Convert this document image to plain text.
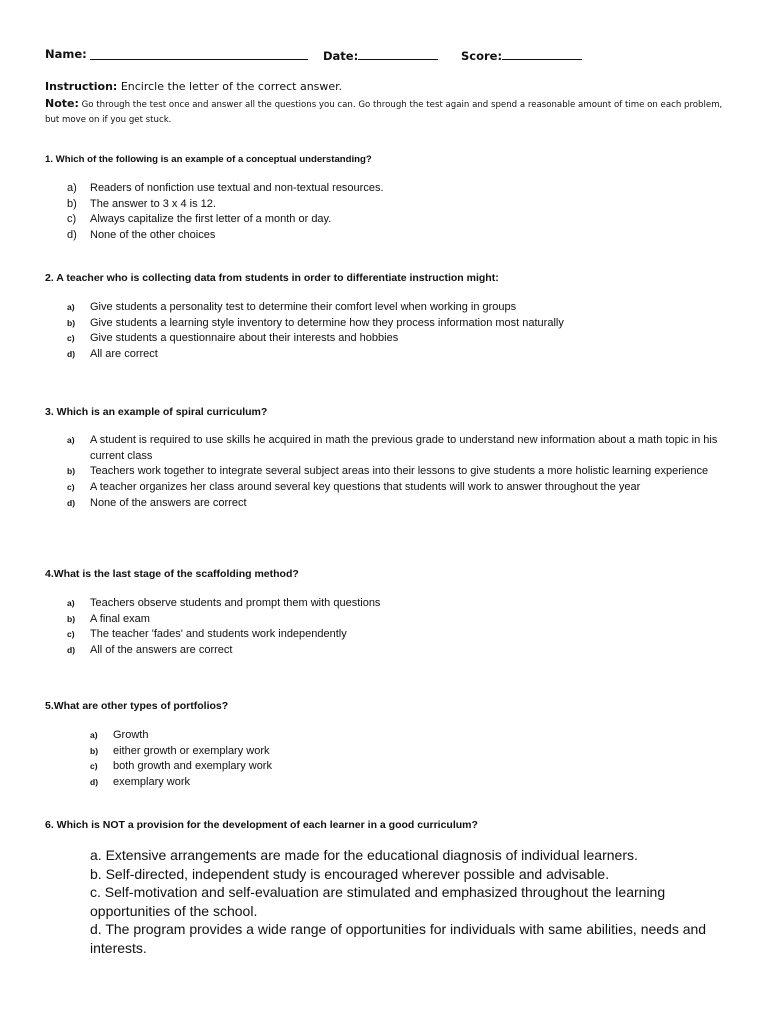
Name:	Date:	Score:
Instruction: Encircle the letter of the correct answer.
Note: Go through the test once and answer all the questions you can. Go through the test again and spend a reasonable amount of time on each problem, but move on if you get stuck.
1. Which of the following is an example of a conceptual understanding?
a)	Readers of nonfiction use textual and non-textual resources.
b)	The answer to 3 x 4 is 12.
c)	Always capitalize the first letter of a month or day.
d)	None of the other choices
2. A teacher who is collecting data from students in order to differentiate instruction might:
a)	Give students a personality test to determine their comfort level when working in groups
b)	Give students a learning style inventory to determine how they process information most naturally
c)	Give students a questionnaire about their interests and hobbies
d)	All are correct
3. Which is an example of spiral curriculum?
a)	A student is required to use skills he acquired in math the previous grade to understand new information about a math topic in his current class
b)	Teachers work together to integrate several subject areas into their lessons to give students a more holistic learning experience
c)	A teacher organizes her class around several key questions that students will work to answer throughout the year
d)	None of the answers are correct
4.What is the last stage of the scaffolding method?
a)	Teachers observe students and prompt them with questions
b)	A final exam
c)	The teacher 'fades' and students work independently
d)	All of the answers are correct
5.What are other types of portfolios?
a)	Growth
b)	either growth or exemplary work
c)	both growth and exemplary work
d)	exemplary work
6. Which is NOT a provision for the development of each learner in a good curriculum?
a. Extensive arrangements are made for the educational diagnosis of individual learners.
b. Self-directed, independent study is encouraged wherever possible and advisable.
c. Self-motivation and self-evaluation are stimulated and emphasized throughout the learning opportunities of the school.
d. The program provides a wide range of opportunities for individuals with same abilities, needs and interests.
